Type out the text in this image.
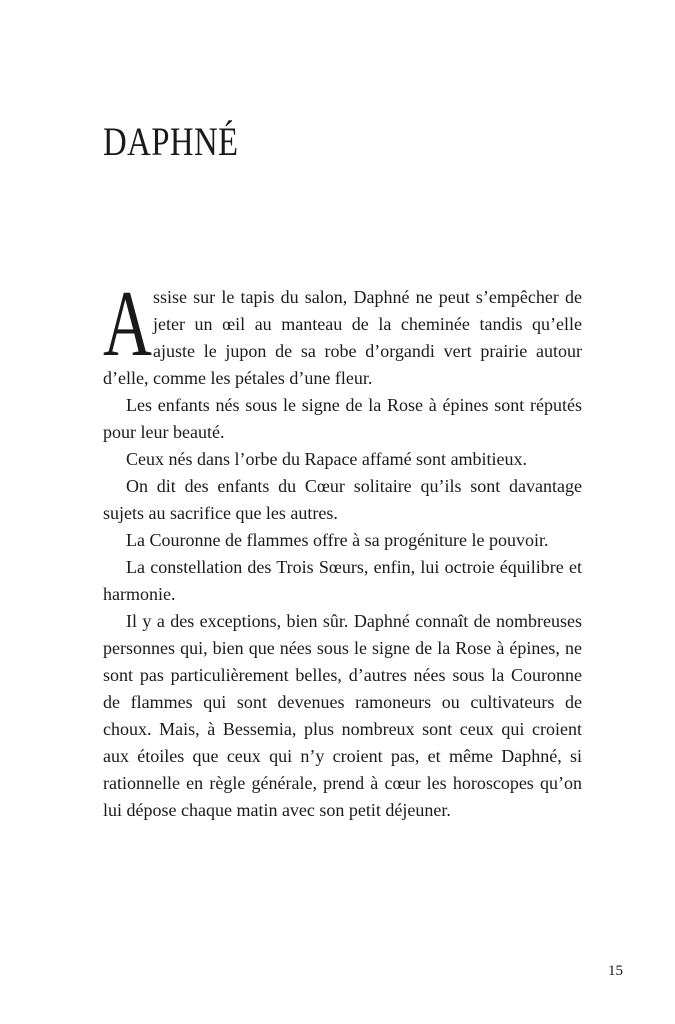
DAPHNÉ

Assise sur le tapis du salon, Daphné ne peut s’empêcher de jeter un œil au manteau de la cheminée tandis qu’elle ajuste le jupon de sa robe d’organdi vert prairie autour d’elle, comme les pétales d’une fleur.

Les enfants nés sous le signe de la Rose à épines sont réputés pour leur beauté.

Ceux nés dans l’orbe du Rapace affamé sont ambitieux.

On dit des enfants du Cœur solitaire qu’ils sont davantage sujets au sacrifice que les autres.

La Couronne de flammes offre à sa progéniture le pouvoir.

La constellation des Trois Sœurs, enfin, lui octroie équilibre et harmonie.

Il y a des exceptions, bien sûr. Daphné connaît de nombreuses personnes qui, bien que nées sous le signe de la Rose à épines, ne sont pas particulièrement belles, d’autres nées sous la Couronne de flammes qui sont devenues ramoneurs ou cultivateurs de choux. Mais, à Bessemia, plus nombreux sont ceux qui croient aux étoiles que ceux qui n’y croient pas, et même Daphné, si rationnelle en règle générale, prend à cœur les horoscopes qu’on lui dépose chaque matin avec son petit déjeuner.

15
